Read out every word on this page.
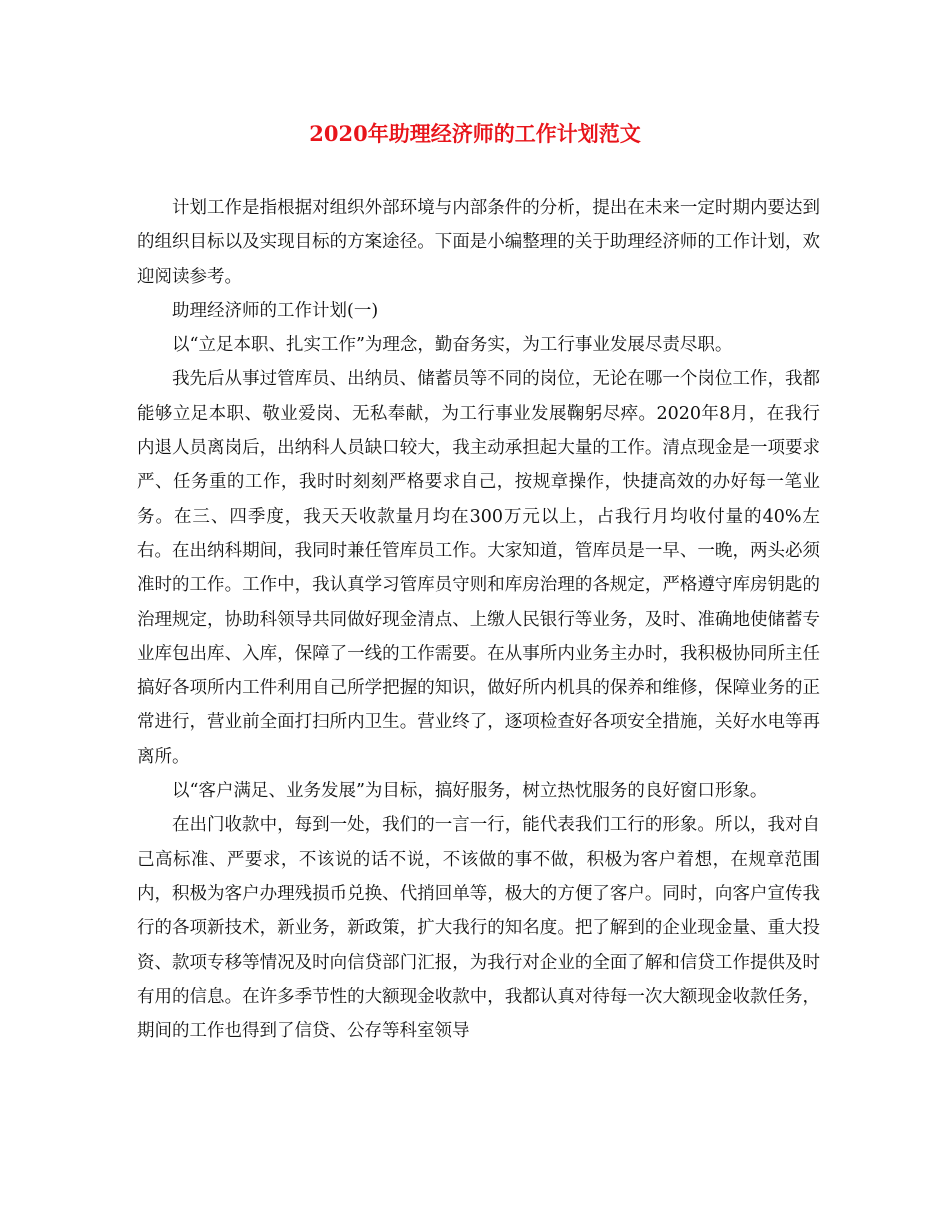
2020年助理经济师的工作计划范文

计划工作是指根据对组织外部环境与内部条件的分析，提出在未来一定时期内要达到的组织目标以及实现目标的方案途径。下面是小编整理的关于助理经济师的工作计划，欢迎阅读参考。

助理经济师的工作计划(一)

以“立足本职、扎实工作”为理念，勤奋务实，为工行事业发展尽责尽职。

我先后从事过管库员、出纳员、储蓄员等不同的岗位，无论在哪一个岗位工作，我都能够立足本职、敬业爱岗、无私奉献，为工行事业发展鞠躬尽瘁。2020年8月，在我行内退人员离岗后，出纳科人员缺口较大，我主动承担起大量的工作。清点现金是一项要求严、任务重的工作，我时时刻刻严格要求自己，按规章操作，快捷高效的办好每一笔业务。在三、四季度，我天天收款量月均在300万元以上，占我行月均收付量的40%左右。在出纳科期间，我同时兼任管库员工作。大家知道，管库员是一早、一晚，两头必须准时的工作。工作中，我认真学习管库员守则和库房治理的各规定，严格遵守库房钥匙的治理规定，协助科领导共同做好现金清点、上缴人民银行等业务，及时、准确地使储蓄专业库包出库、入库，保障了一线的工作需要。在从事所内业务主办时，我积极协同所主任搞好各项所内工件利用自己所学把握的知识，做好所内机具的保养和维修，保障业务的正常进行，营业前全面打扫所内卫生。营业终了，逐项检查好各项安全措施，关好水电等再离所。

以“客户满足、业务发展”为目标，搞好服务，树立热忱服务的良好窗口形象。

在出门收款中，每到一处，我们的一言一行，能代表我们工行的形象。所以，我对自己高标准、严要求，不该说的话不说，不该做的事不做，积极为客户着想，在规章范围内，积极为客户办理残损币兑换、代捎回单等，极大的方便了客户。同时，向客户宣传我行的各项新技术，新业务，新政策，扩大我行的知名度。把了解到的企业现金量、重大投资、款项专移等情况及时向信贷部门汇报，为我行对企业的全面了解和信贷工作提供及时有用的信息。在许多季节性的大额现金收款中，我都认真对待每一次大额现金收款任务，期间的工作也得到了信贷、公存等科室领导
